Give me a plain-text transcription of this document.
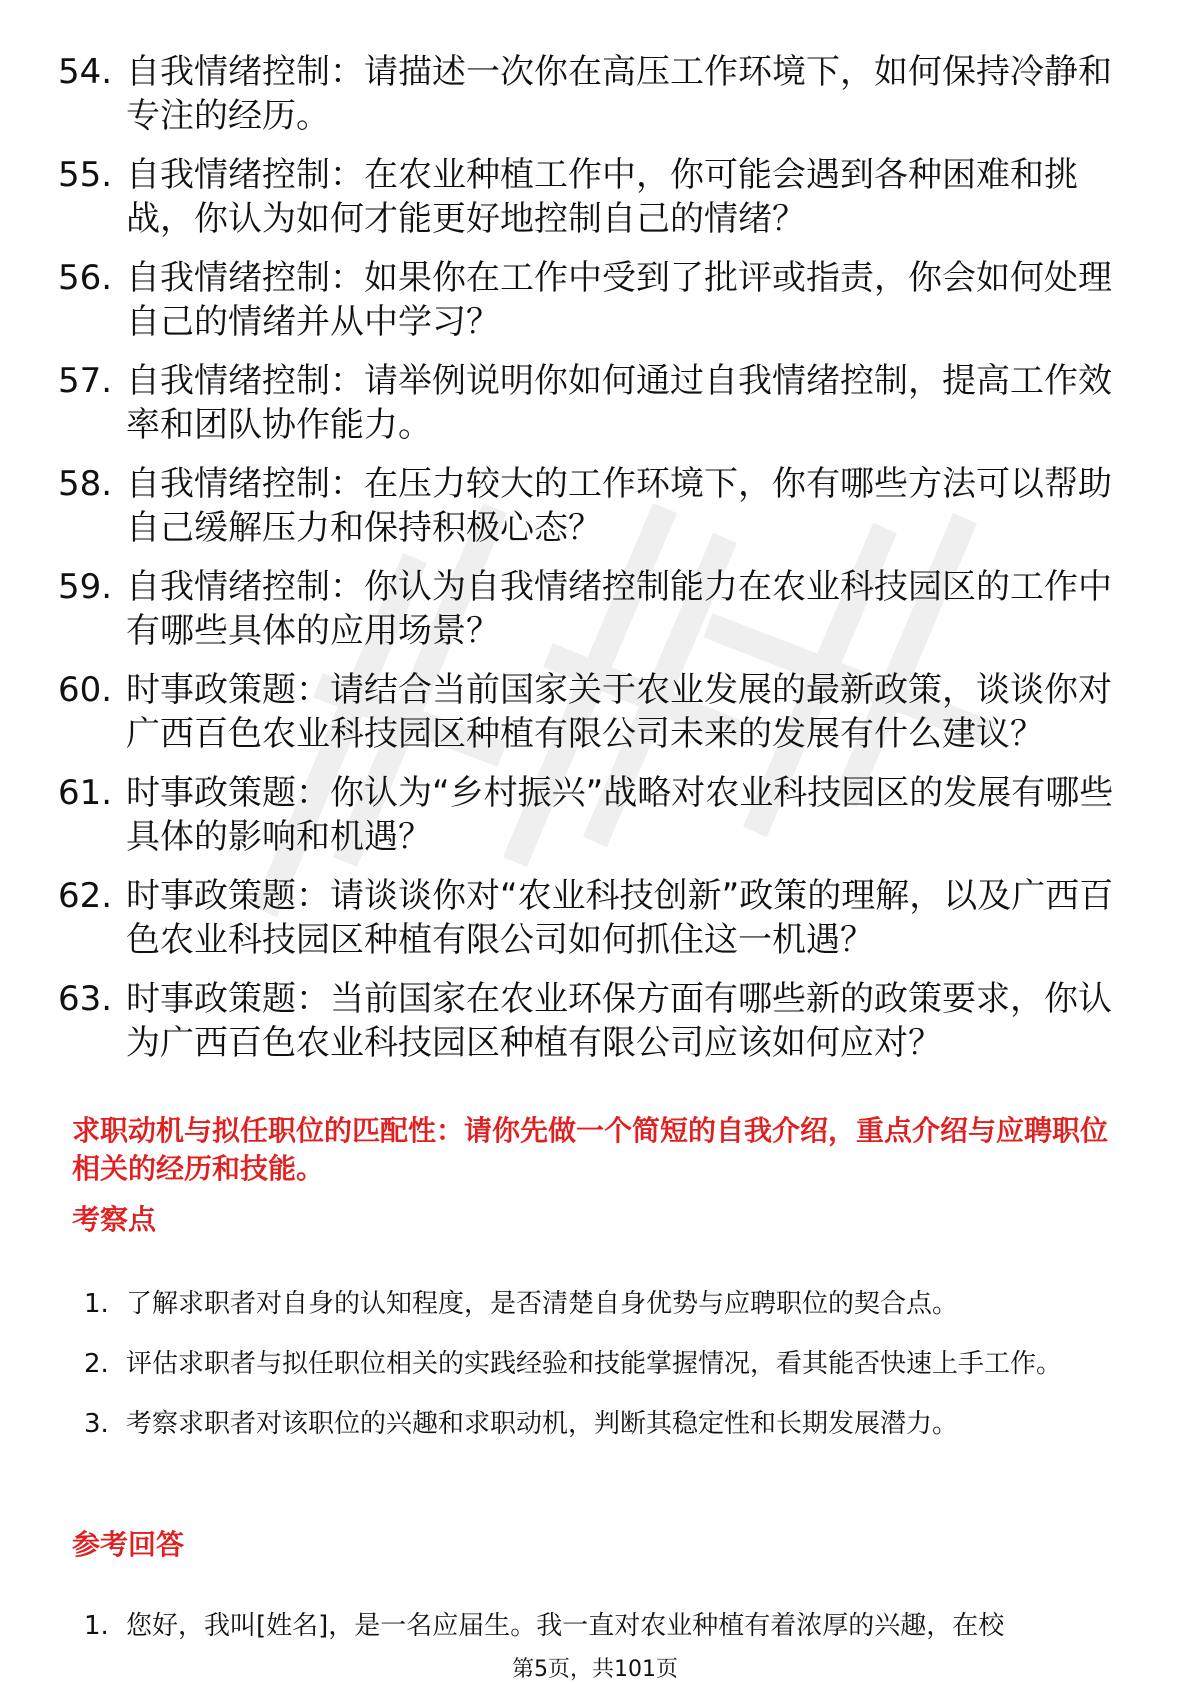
54. 自我情绪控制：请描述一次你在高压工作环境下，如何保持冷静和专注的经历。
55. 自我情绪控制：在农业种植工作中，你可能会遇到各种困难和挑战，你认为如何才能更好地控制自己的情绪？
56. 自我情绪控制：如果你在工作中受到了批评或指责，你会如何处理自己的情绪并从中学习？
57. 自我情绪控制：请举例说明你如何通过自我情绪控制，提高工作效率和团队协作能力。
58. 自我情绪控制：在压力较大的工作环境下，你有哪些方法可以帮助自己缓解压力和保持积极心态？
59. 自我情绪控制：你认为自我情绪控制能力在农业科技园区的工作中有哪些具体的应用场景？
60. 时事政策题：请结合当前国家关于农业发展的最新政策，谈谈你对广西百色农业科技园区种植有限公司未来的发展有什么建议？
61. 时事政策题：你认为“乡村振兴”战略对农业科技园区的发展有哪些具体的影响和机遇？
62. 时事政策题：请谈谈你对“农业科技创新”政策的理解，以及广西百色农业科技园区种植有限公司如何抓住这一机遇？
63. 时事政策题：当前国家在农业环保方面有哪些新的政策要求，你认为广西百色农业科技园区种植有限公司应该如何应对？

求职动机与拟任职位的匹配性：请你先做一个简短的自我介绍，重点介绍与应聘职位相关的经历和技能。

考察点

1. 了解求职者对自身的认知程度，是否清楚自身优势与应聘职位的契合点。
2. 评估求职者与拟任职位相关的实践经验和技能掌握情况，看其能否快速上手工作。
3. 考察求职者对该职位的兴趣和求职动机，判断其稳定性和长期发展潜力。

参考回答

1. 您好，我叫[姓名]，是一名应届生。我一直对农业种植有着浓厚的兴趣，在校
第5页，共101页
